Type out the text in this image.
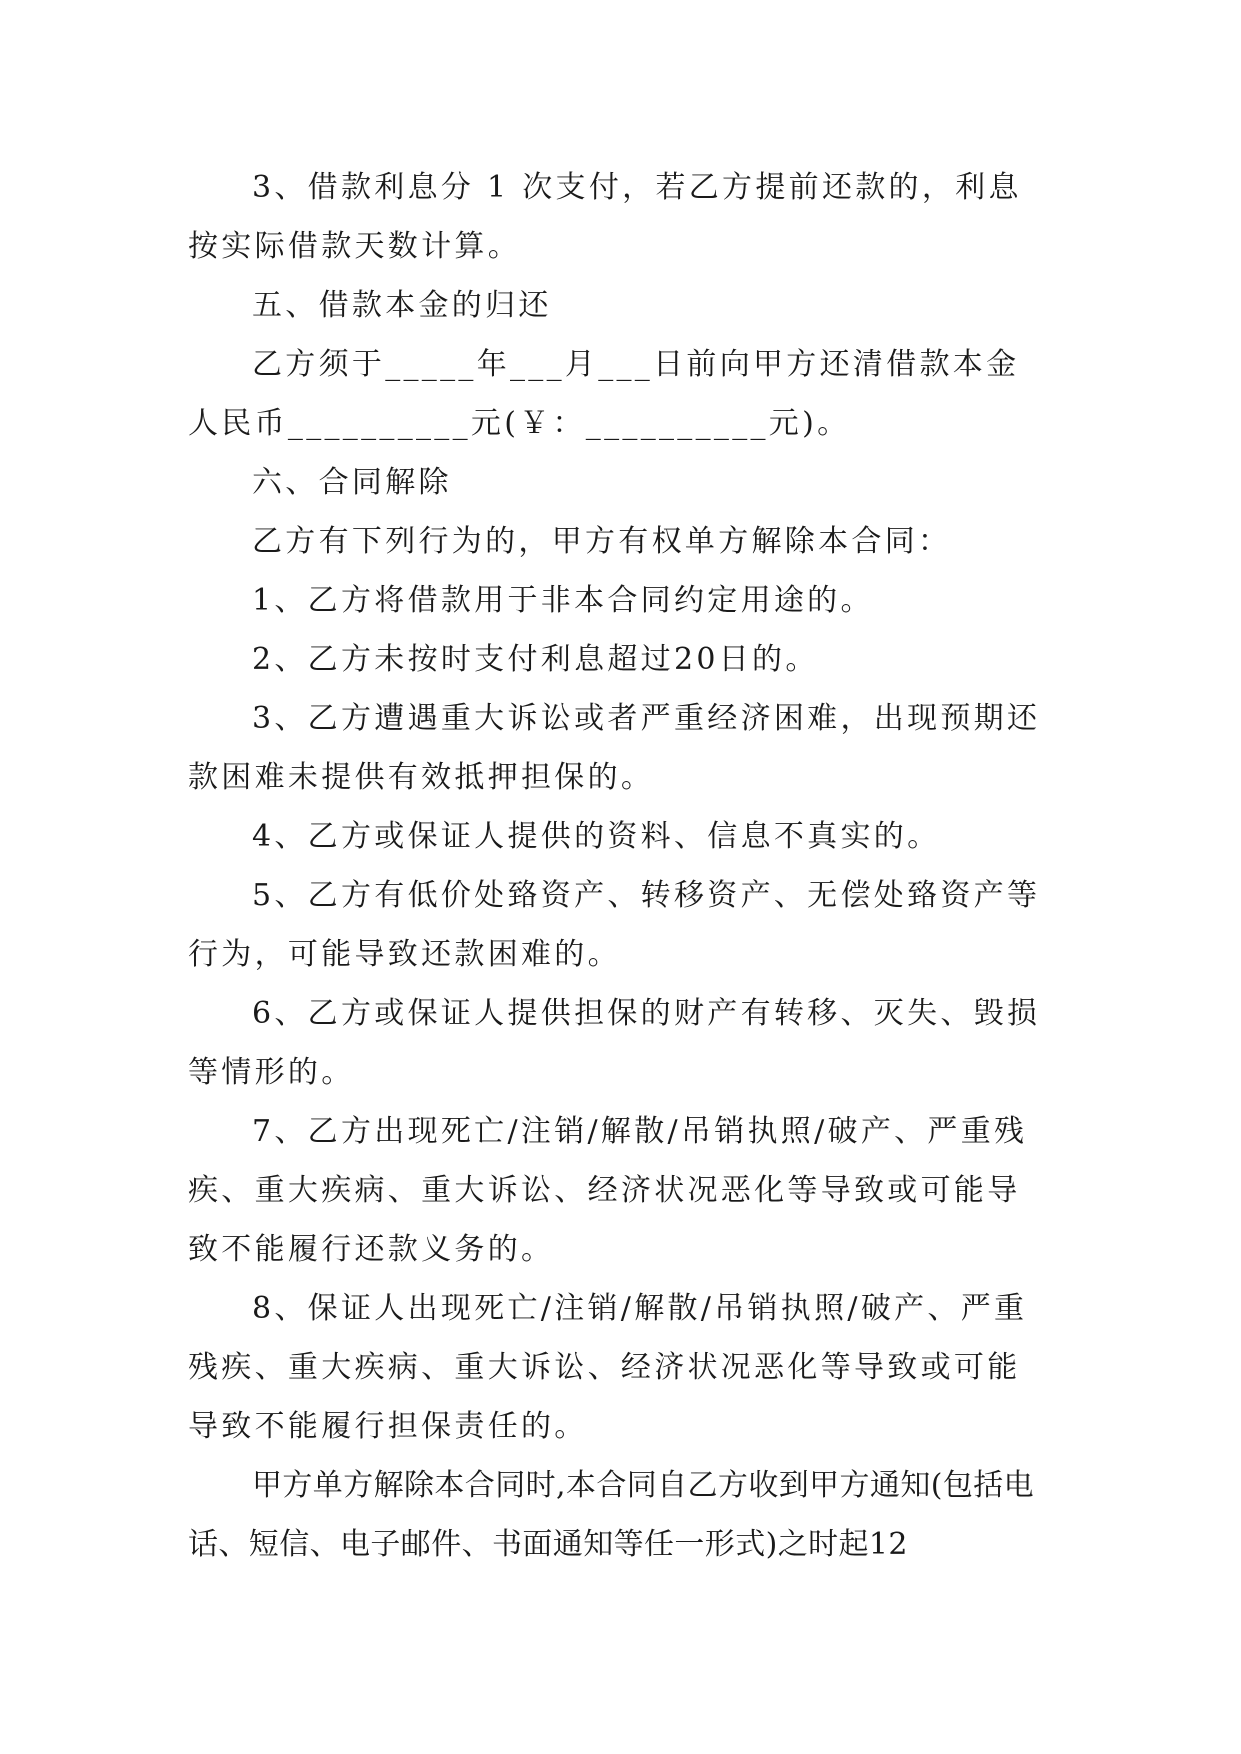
3、借款利息分 1 次支付，若乙方提前还款的，利息按实际借款天数计算。

五、借款本金的归还

乙方须于_____年___月___日前向甲方还清借款本金人民币__________元(￥：__________元)。

六、合同解除

乙方有下列行为的，甲方有权单方解除本合同：

1、乙方将借款用于非本合同约定用途的。

2、乙方未按时支付利息超过20日的。

3、乙方遭遇重大诉讼或者严重经济困难，出现预期还款困难未提供有效抵押担保的。

4、乙方或保证人提供的资料、信息不真实的。

5、乙方有低价处臵资产、转移资产、无偿处臵资产等行为，可能导致还款困难的。

6、乙方或保证人提供担保的财产有转移、灭失、毁损等情形的。

7、乙方出现死亡/注销/解散/吊销执照/破产、严重残疾、重大疾病、重大诉讼、经济状况恶化等导致或可能导致不能履行还款义务的。

8、保证人出现死亡/注销/解散/吊销执照/破产、严重残疾、重大疾病、重大诉讼、经济状况恶化等导致或可能导致不能履行担保责任的。

甲方单方解除本合同时,本合同自乙方收到甲方通知(包括电话、短信、电子邮件、书面通知等任一形式)之时起12
